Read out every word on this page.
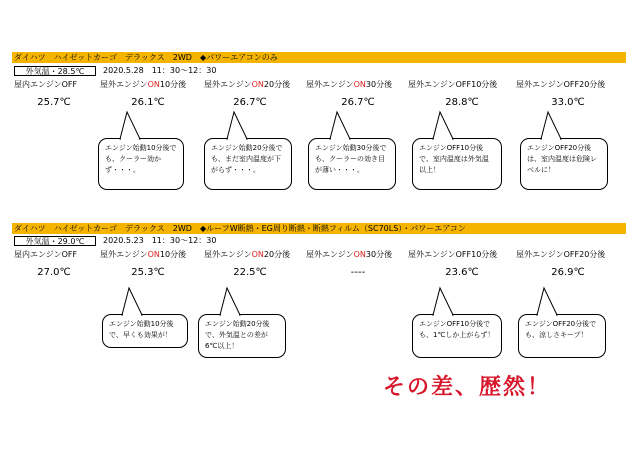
ダイハツ　ハイゼットカーゴ　デラックス　2WD　◆パワーエアコンのみ
外気温・28.5℃	2020.5.28　11：30～12：30
屋内エンジンOFF
25.7℃
屋外エンジンON10分後
26.1℃
屋外エンジンON20分後
26.7℃
屋外エンジンON30分後
26.7℃
屋外エンジンOFF10分後
28.8℃
屋外エンジンOFF20分後
33.0℃
エンジン始動10分後でも、クーラー効かず・・・。
エンジン始動20分後でも、まだ室内温度が下がらず・・・。
エンジン始動30分後でも、クーラーの効き目が薄い・・・。
エンジンOFF10分後で、室内温度は外気温以上！
エンジンOFF20分後は、室内温度は危険レベルに！
ダイハツ　ハイゼットカーゴ　デラックス　2WD　◆ルーフW断熱・EG周り断熱・断熱フィルム（SC70LS）・パワーエアコン
外気温・29.0℃	2020.5.23　11：30～12：30
屋内エンジンOFF
27.0℃
屋外エンジンON10分後
25.3℃
屋外エンジンON20分後
22.5℃
屋外エンジンON30分後
----
屋外エンジンOFF10分後
23.6℃
屋外エンジンOFF20分後
26.9℃
エンジン始動10分後で、早くも効果が！
エンジン始動20分後で、外気温との差が6℃以上！
エンジンOFF10分後でも、1℃しか上がらず！
エンジンOFF20分後でも、涼しさキープ！
その差、歴然！
